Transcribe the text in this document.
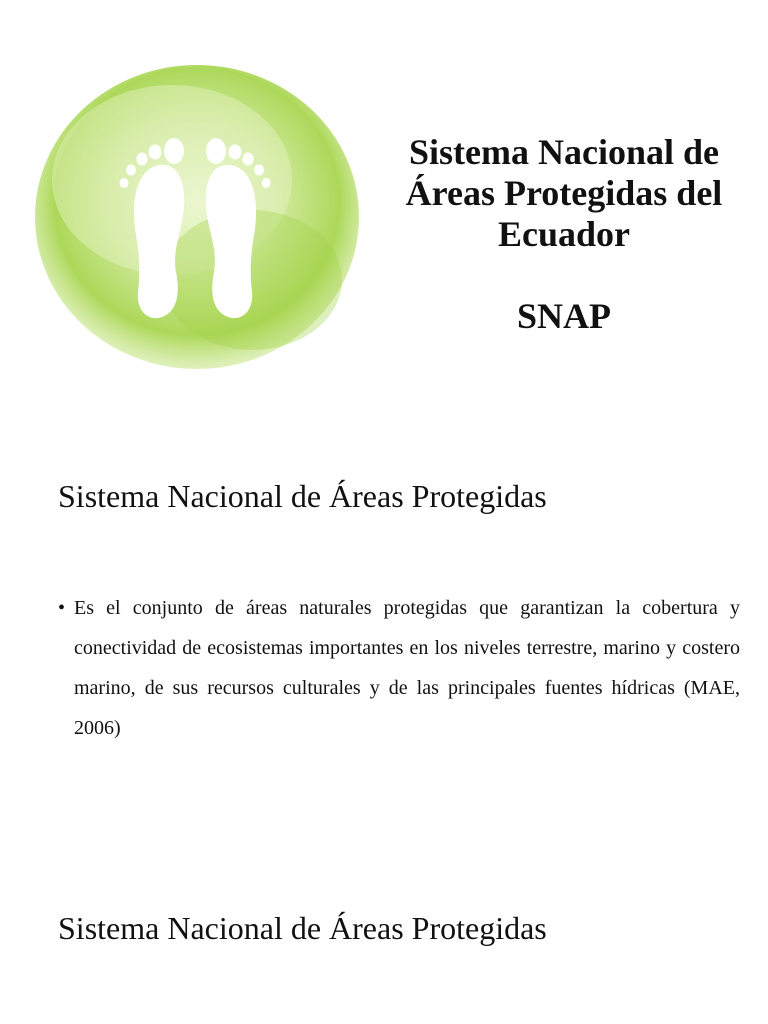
Sistema Nacional de Áreas Protegidas del Ecuador
SNAP
Sistema Nacional de Áreas Protegidas
• Es el conjunto de áreas naturales protegidas que garantizan la cobertura y conectividad de ecosistemas importantes en los niveles terrestre, marino y costero marino, de sus recursos culturales y de las principales fuentes hídricas (MAE, 2006)
Sistema Nacional de Áreas Protegidas
